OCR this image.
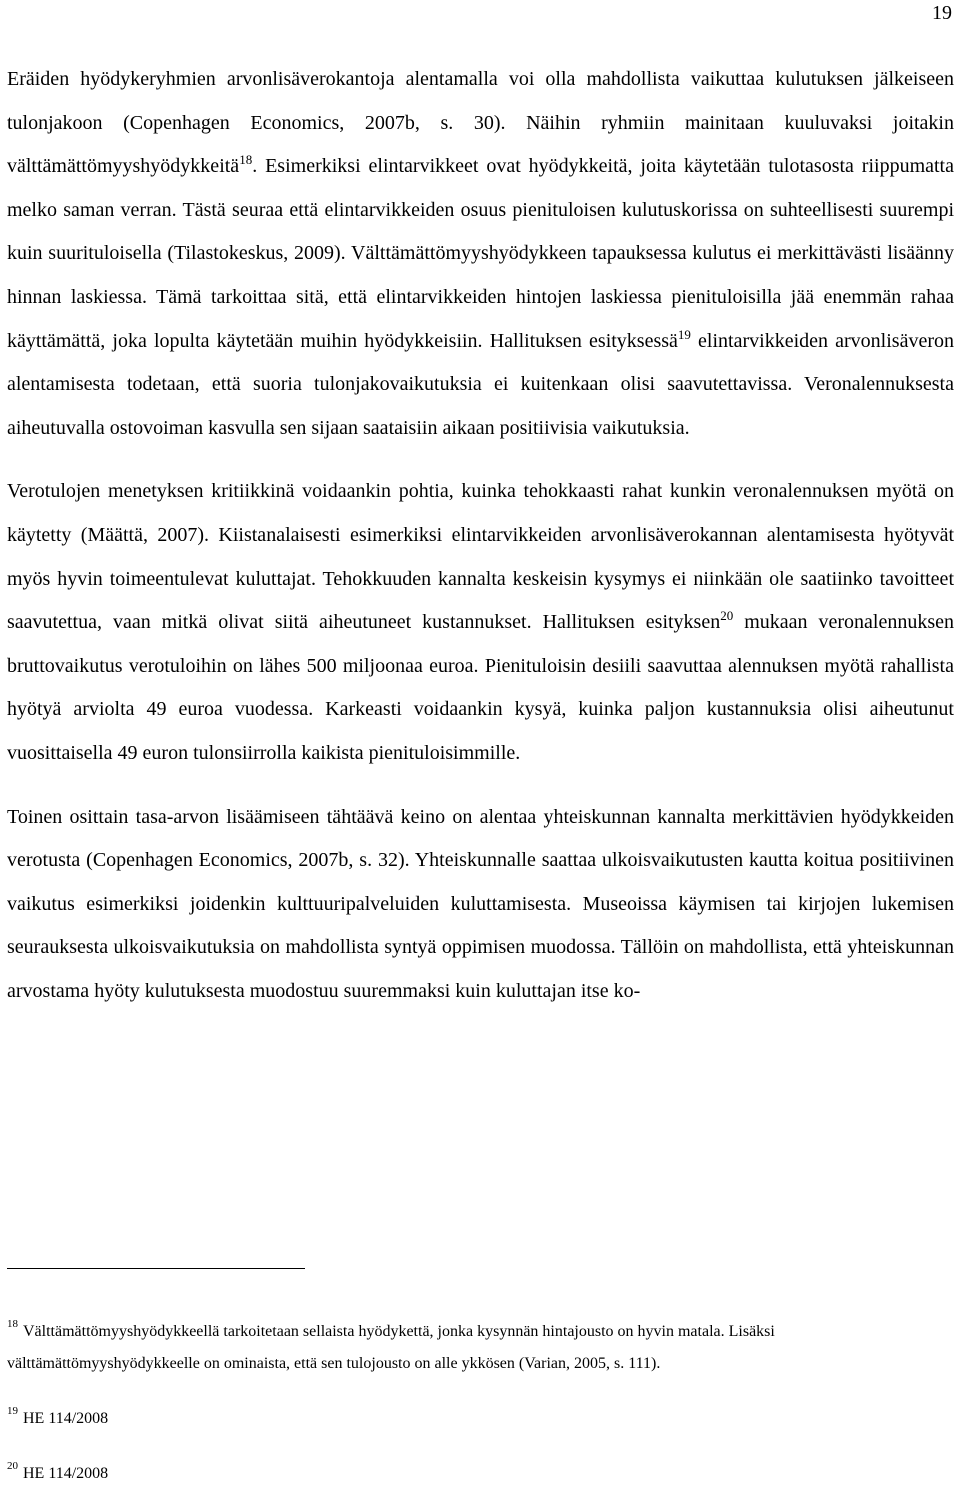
19

Eräiden hyödykeryhmien arvonlisäverokantoja alentamalla voi olla mahdollista vaikuttaa kulutuksen jälkeiseen tulonjakoon (Copenhagen Economics, 2007b, s. 30). Näihin ryhmiin mainitaan kuuluvaksi joitakin välttämättömyyshyödykkeitä$^{18}$. Esimerkiksi elintarvikkeet ovat hyödykkeitä, joita käytetään tulotasosta riippumatta melko saman verran. Tästä seuraa että elintarvikkeiden osuus pienituloisen kulutuskorissa on suhteellisesti suurempi kuin suurituloisella (Tilastokeskus, 2009). Välttämättömyyshyödykkeen tapauksessa kulutus ei merkittävästi lisäänny hinnan laskiessa. Tämä tarkoittaa sitä, että elintarvikkeiden hintojen laskiessa pienituloisilla jää enemmän rahaa käyttämättä, joka lopulta käytetään muihin hyödykkeisiin. Hallituksen esityksessä$^{19}$ elintarvikkeiden arvonlisäveron alentamisesta todetaan, että suoria tulonjakovaikutuksia ei kuitenkaan olisi saavutettavissa. Veronalennuksesta aiheutuvalla ostovoiman kasvulla sen sijaan saataisiin aikaan positiivisia vaikutuksia.

Verotulojen menetyksen kritiikkinä voidaankin pohtia, kuinka tehokkaasti rahat kunkin veronalennuksen myötä on käytetty (Määttä, 2007). Kiistanalaisesti esimerkiksi elintarvikkeiden arvonlisäverokannan alentamisesta hyötyvät myös hyvin toimeentulevat kuluttajat. Tehokkuuden kannalta keskeisin kysymys ei niinkään ole saatiinko tavoitteet saavutettua, vaan mitkä olivat siitä aiheutuneet kustannukset. Hallituksen esityksen$^{20}$ mukaan veronalennuksen bruttovaikutus verotuloihin on lähes 500 miljoonaa euroa. Pienituloisin desiili saavuttaa alennuksen myötä rahallista hyötyä arviolta 49 euroa vuodessa. Karkeasti voidaankin kysyä, kuinka paljon kustannuksia olisi aiheutunut vuosittaisella 49 euron tulonsiirrolla kaikista pienituloisimmille.

Toinen osittain tasa-arvon lisäämiseen tähtäävä keino on alentaa yhteiskunnan kannalta merkittävien hyödykkeiden verotusta (Copenhagen Economics, 2007b, s. 32). Yhteiskunnalle saattaa ulkoisvaikutusten kautta koitua positiivinen vaikutus esimerkiksi joidenkin kulttuuripalveluiden kuluttamisesta. Museoissa käymisen tai kirjojen lukemisen seurauksesta ulkoisvaikutuksia on mahdollista syntyä oppimisen muodossa. Tällöin on mahdollista, että yhteiskunnan arvostama hyöty kulutuksesta muodostuu suuremmaksi kuin kuluttajan itse ko-

$^{18}$ Välttämättömyyshyödykkeellä tarkoitetaan sellaista hyödykettä, jonka kysynnän hintajousto on hyvin matala. Lisäksi välttämättömyyshyödykkeelle on ominaista, että sen tulojousto on alle ykkösen (Varian, 2005, s. 111).

$^{19}$ HE 114/2008

$^{20}$ HE 114/2008
